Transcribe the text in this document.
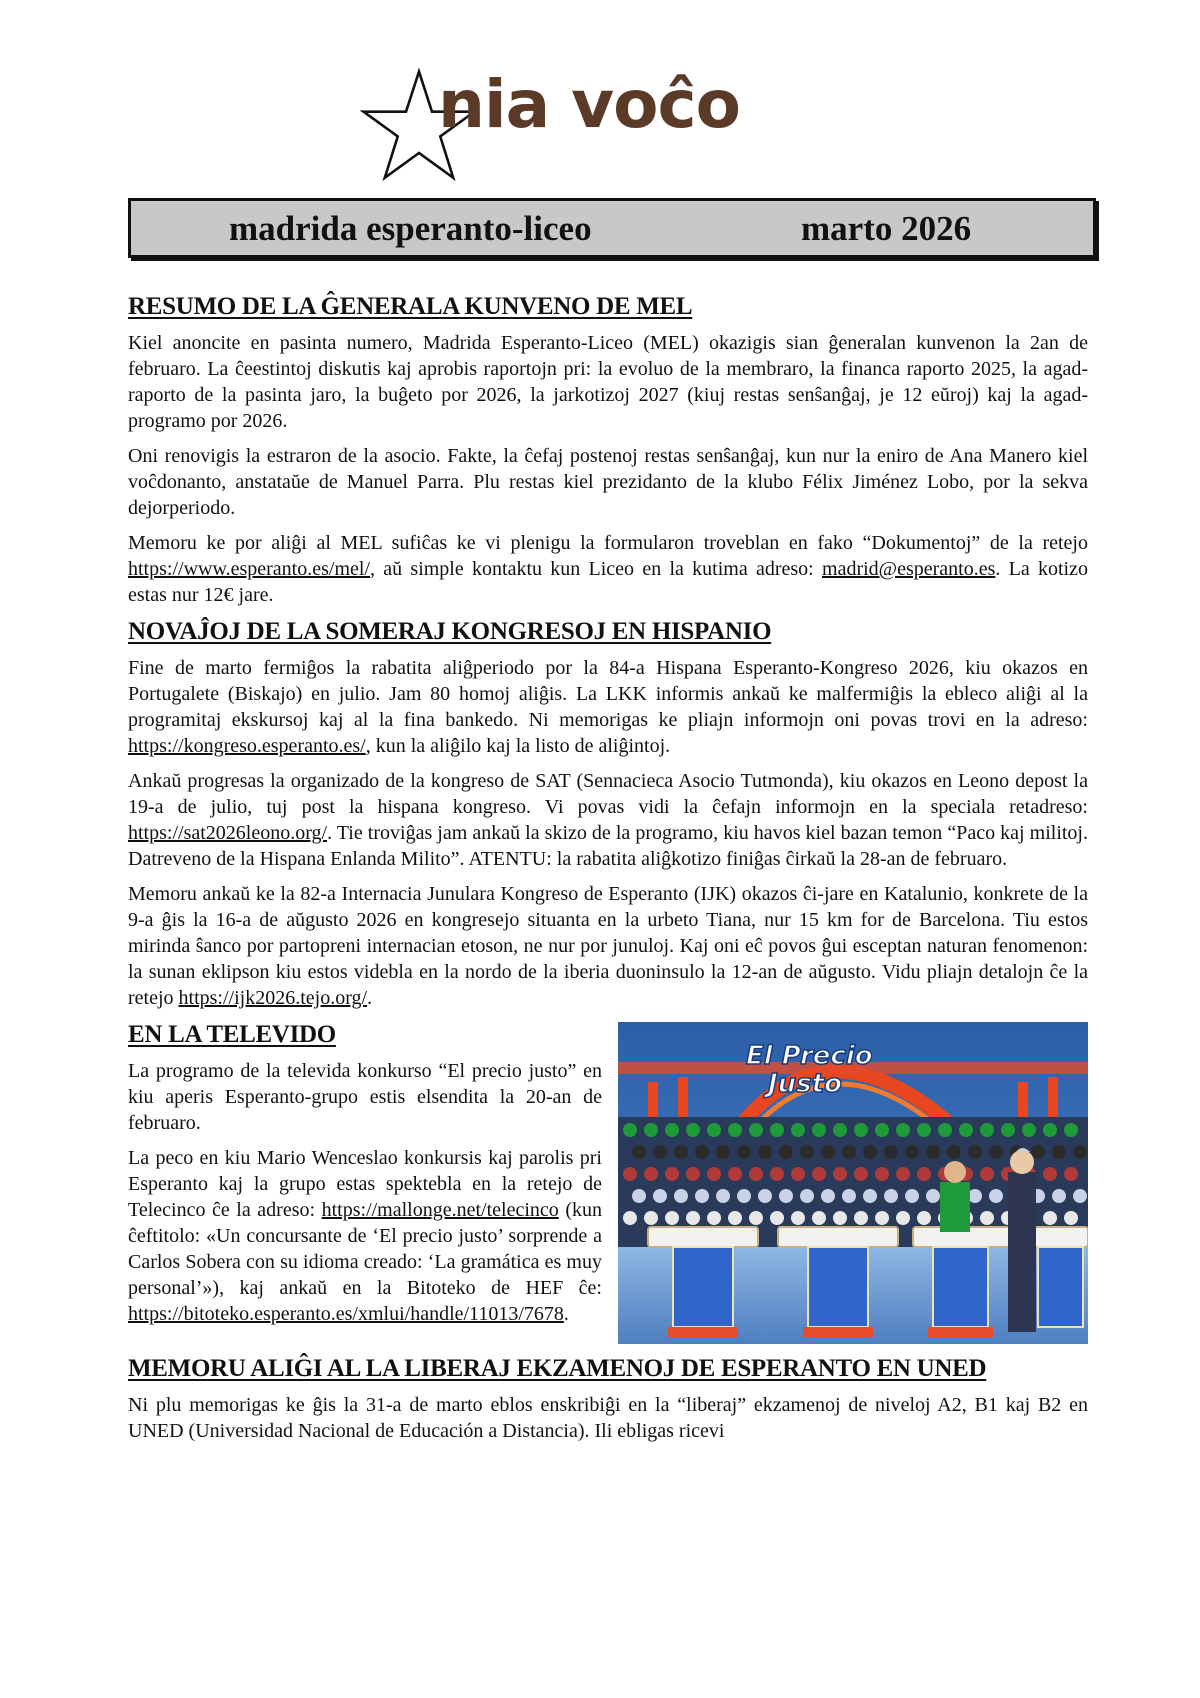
nia voĉo
madrida esperanto-liceo	marto 2026
RESUMO DE LA ĜENERALA KUNVENO DE MEL

Kiel anoncite en pasinta numero, Madrida Esperanto-Liceo (MEL) okazigis sian ĝeneralan kunvenon la 2an de februaro. La ĉeestintoj diskutis kaj aprobis raportojn pri: la evoluo de la membraro, la financa raporto 2025, la agad-raporto de la pasinta jaro, la buĝeto por 2026, la jarkotizoj 2027 (kiuj restas senŝanĝaj, je 12 eŭroj) kaj la agad-programo por 2026.

Oni renovigis la estraron de la asocio. Fakte, la ĉefaj postenoj restas senŝanĝaj, kun nur la eniro de Ana Manero kiel voĉdonanto, anstataŭe de Manuel Parra. Plu restas kiel prezidanto de la klubo Félix Jiménez Lobo, por la sekva dejorperiodo.

Memoru ke por aliĝi al MEL sufiĉas ke vi plenigu la formularon troveblan en fako “Dokumentoj” de la retejo https://www.esperanto.es/mel/, aŭ simple kontaktu kun Liceo en la kutima adreso: madrid@esperanto.es. La kotizo estas nur 12€ jare.

NOVAĴOJ DE LA SOMERAJ KONGRESOJ EN HISPANIO

Fine de marto fermiĝos la rabatita aliĝperiodo por la 84-a Hispana Esperanto-Kongreso 2026, kiu okazos en Portugalete (Biskajo) en julio. Jam 80 homoj aliĝis. La LKK informis ankaŭ ke malfermiĝis la ebleco aliĝi al la programitaj ekskursoj kaj al la fina bankedo. Ni memorigas ke pliajn informojn oni povas trovi en la adreso: https://kongreso.esperanto.es/, kun la aliĝilo kaj la listo de aliĝintoj.

Ankaŭ progresas la organizado de la kongreso de SAT (Sennacieca Asocio Tutmonda), kiu okazos en Leono depost la 19-a de julio, tuj post la hispana kongreso. Vi povas vidi la ĉefajn informojn en la speciala retadreso: https://sat2026leono.org/. Tie troviĝas jam ankaŭ la skizo de la programo, kiu havos kiel bazan temon “Paco kaj militoj. Datreveno de la Hispana Enlanda Milito”. ATENTU: la rabatita aliĝkotizo finiĝas ĉirkaŭ la 28-an de februaro.

Memoru ankaŭ ke la 82-a Internacia Junulara Kongreso de Esperanto (IJK) okazos ĉi-jare en Katalunio, konkrete de la 9-a ĝis la 16-a de aŭgusto 2026 en kongresejo situanta en la urbeto Tiana, nur 15 km for de Barcelona. Tiu estos mirinda ŝanco por partopreni internacian etoson, ne nur por junuloj. Kaj oni eĉ povos ĝui esceptan naturan fenomenon: la sunan eklipson kiu estos videbla en la nordo de la iberia duoninsulo la 12-an de aŭgusto. Vidu pliajn detalojn ĉe la retejo https://ijk2026.tejo.org/.

El Precio
Justo
EN LA TELEVIDO

La programo de la televida konkurso “El precio justo” en kiu aperis Esperanto-grupo estis elsendita la 20-an de februaro.

La peco en kiu Mario Wenceslao konkursis kaj parolis pri Esperanto kaj la grupo estas spektebla en la retejo de Telecinco ĉe la adreso: https://mallonge.net/telecinco (kun ĉeftitolo: «Un concursante de ‘El precio justo’ sorprende a Carlos Sobera con su idioma creado: ‘La gramática es muy personal’»), kaj ankaŭ en la Bitoteko de HEF ĉe: https://bitoteko.esperanto.es/xmlui/handle/11013/7678.

MEMORU ALIĜI AL LA LIBERAJ EKZAMENOJ DE ESPERANTO EN UNED

Ni plu memorigas ke ĝis la 31-a de marto eblos enskribiĝi en la “liberaj” ekzamenoj de niveloj A2, B1 kaj B2 en UNED (Universidad Nacional de Educación a Distancia). Ili ebligas ricevi
